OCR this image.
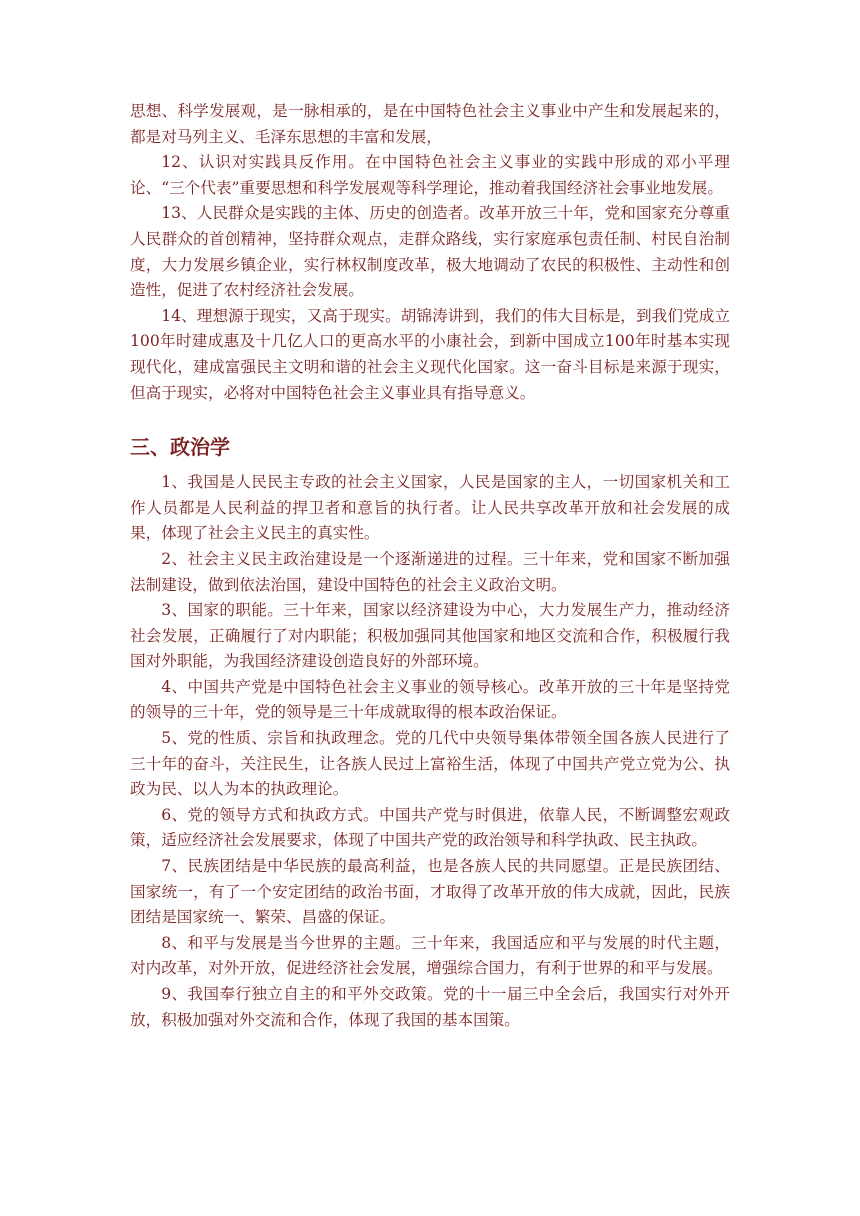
思想、科学发展观，是一脉相承的，是在中国特色社会主义事业中产生和发展起来的，都是对马列主义、毛泽东思想的丰富和发展，

12、认识对实践具反作用。在中国特色社会主义事业的实践中形成的邓小平理论、“三个代表”重要思想和科学发展观等科学理论，推动着我国经济社会事业地发展。

13、人民群众是实践的主体、历史的创造者。改革开放三十年，党和国家充分尊重人民群众的首创精神，坚持群众观点，走群众路线，实行家庭承包责任制、村民自治制度，大力发展乡镇企业，实行林权制度改革，极大地调动了农民的积极性、主动性和创造性，促进了农村经济社会发展。

14、理想源于现实，又高于现实。胡锦涛讲到，我们的伟大目标是，到我们党成立100年时建成惠及十几亿人口的更高水平的小康社会，到新中国成立100年时基本实现现代化，建成富强民主文明和谐的社会主义现代化国家。这一奋斗目标是来源于现实，但高于现实，必将对中国特色社会主义事业具有指导意义。

三、政治学

1、我国是人民民主专政的社会主义国家，人民是国家的主人，一切国家机关和工作人员都是人民利益的捍卫者和意旨的执行者。让人民共享改革开放和社会发展的成果，体现了社会主义民主的真实性。

2、社会主义民主政治建设是一个逐渐递进的过程。三十年来，党和国家不断加强法制建设，做到依法治国，建设中国特色的社会主义政治文明。

3、国家的职能。三十年来，国家以经济建设为中心，大力发展生产力，推动经济社会发展，正确履行了对内职能；积极加强同其他国家和地区交流和合作，积极履行我国对外职能，为我国经济建设创造良好的外部环境。

4、中国共产党是中国特色社会主义事业的领导核心。改革开放的三十年是坚持党的领导的三十年，党的领导是三十年成就取得的根本政治保证。

5、党的性质、宗旨和执政理念。党的几代中央领导集体带领全国各族人民进行了三十年的奋斗，关注民生，让各族人民过上富裕生活，体现了中国共产党立党为公、执政为民、以人为本的执政理论。

6、党的领导方式和执政方式。中国共产党与时俱进，依靠人民，不断调整宏观政策，适应经济社会发展要求，体现了中国共产党的政治领导和科学执政、民主执政。

7、民族团结是中华民族的最高利益，也是各族人民的共同愿望。正是民族团结、国家统一，有了一个安定团结的政治书面，才取得了改革开放的伟大成就，因此，民族团结是国家统一、繁荣、昌盛的保证。

8、和平与发展是当今世界的主题。三十年来，我国适应和平与发展的时代主题，对内改革，对外开放，促进经济社会发展，增强综合国力，有利于世界的和平与发展。

9、我国奉行独立自主的和平外交政策。党的十一届三中全会后，我国实行对外开放，积极加强对外交流和合作，体现了我国的基本国策。
